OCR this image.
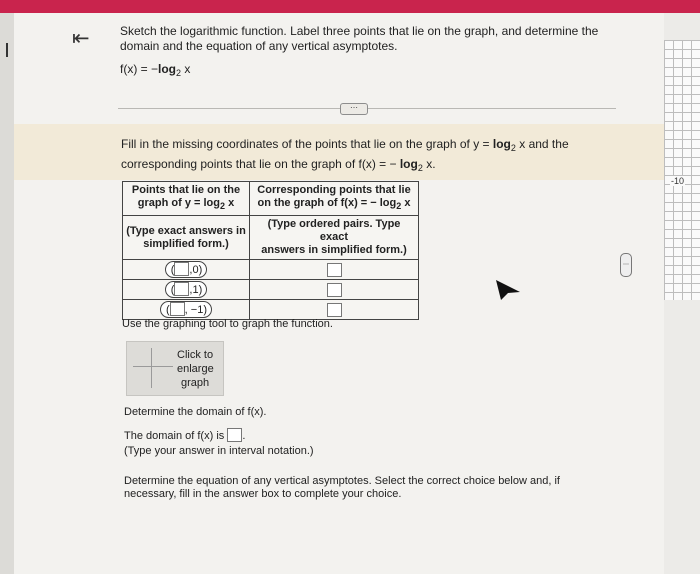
⇤	Sketch the logarithmic function. Label three points that lie on the graph, and determine the domain and the equation of any vertical asymptotes.
$f(x) = -\log_2$ x
⋯
Fill in the missing coordinates of the points that lie on the graph of $y = \log_2 x$ and the corresponding points that lie on the graph of f(x) = − $\log_2 x$.
Points that lie on the
graph of $y = \log_2 x$	Corresponding points that lie
on the graph of f(x) = − $\log_2 x$
(Type exact answers in
simplified form.)	(Type ordered pairs. Type exact
answers in simplified form.)
( ,0)	
( ,1)	
( , −1)	
Use the graphing tool to graph the function.
Click to
enlarge
graph
Determine the domain of f(x).
The domain of f(x) is .
(Type your answer in interval notation.)
Determine the equation of any vertical asymptotes. Select the correct choice below and, if necessary, fill in the answer box to complete your choice.
⋯
-10
